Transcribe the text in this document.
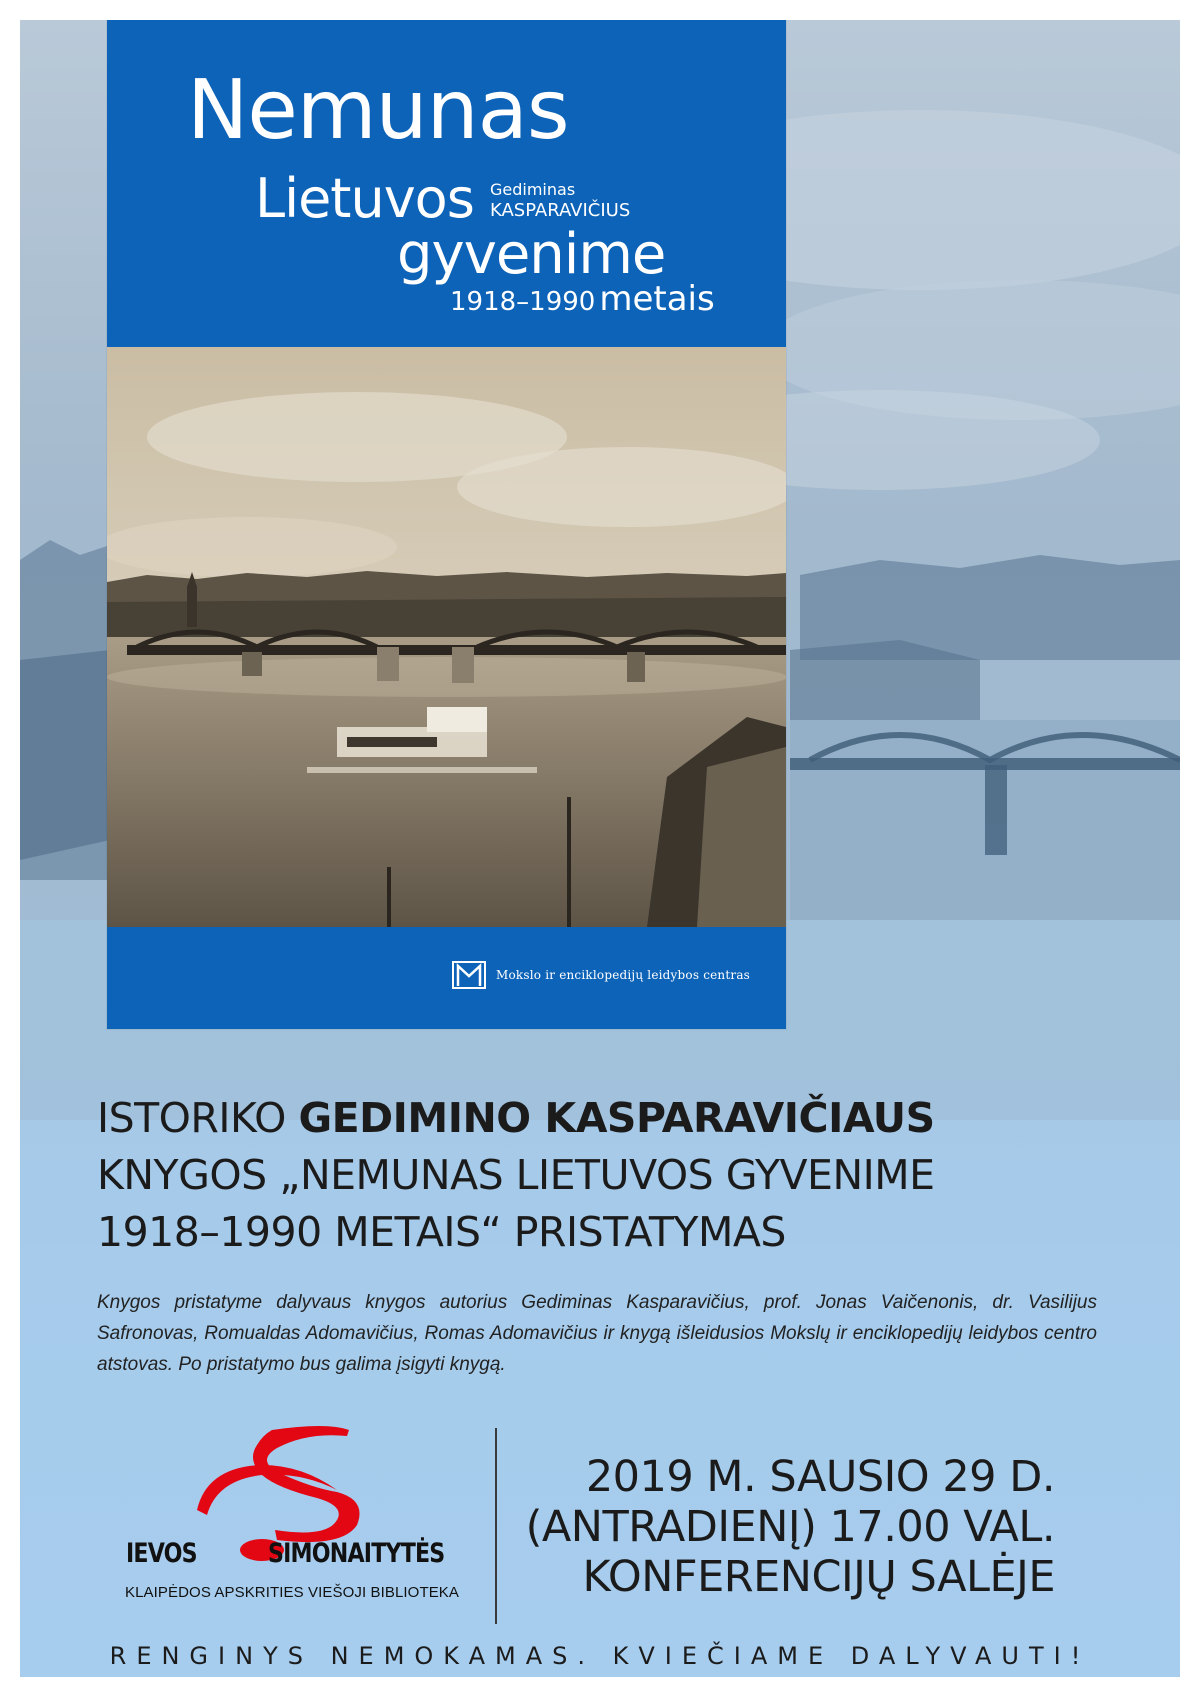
Nemunas
Lietuvos Gediminas
KASPARAVIČIUS
gyvenime
1918–1990 metais
Mokslo ir enciklopedijų leidybos centras
ISTORIKO GEDIMINO KASPARAVIČIAUS
KNYGOS „NEMUNAS LIETUVOS GYVENIME
1918–1990 METAIS“ PRISTATYMAS
Knygos pristatyme dalyvaus knygos autorius Gediminas Kasparavičius, prof. Jonas Vaičenonis, dr. Vasilijus Safronovas, Romualdas Adomavičius, Romas Adomavičius ir knygą išleidusios Mokslų ir enciklopedijų leidybos centro atstovas. Po pristatymo bus galima įsigyti knygą.
IEVOS	SIMONAITYTĖS
KLAIPĖDOS APSKRITIES VIEŠOJI BIBLIOTEKA
2019 M. SAUSIO 29 D.
(ANTRADIENĮ) 17.00 VAL.
KONFERENCIJŲ SALĖJE
RENGINYS NEMOKAMAS. KVIEČIAME DALYVAUTI!
